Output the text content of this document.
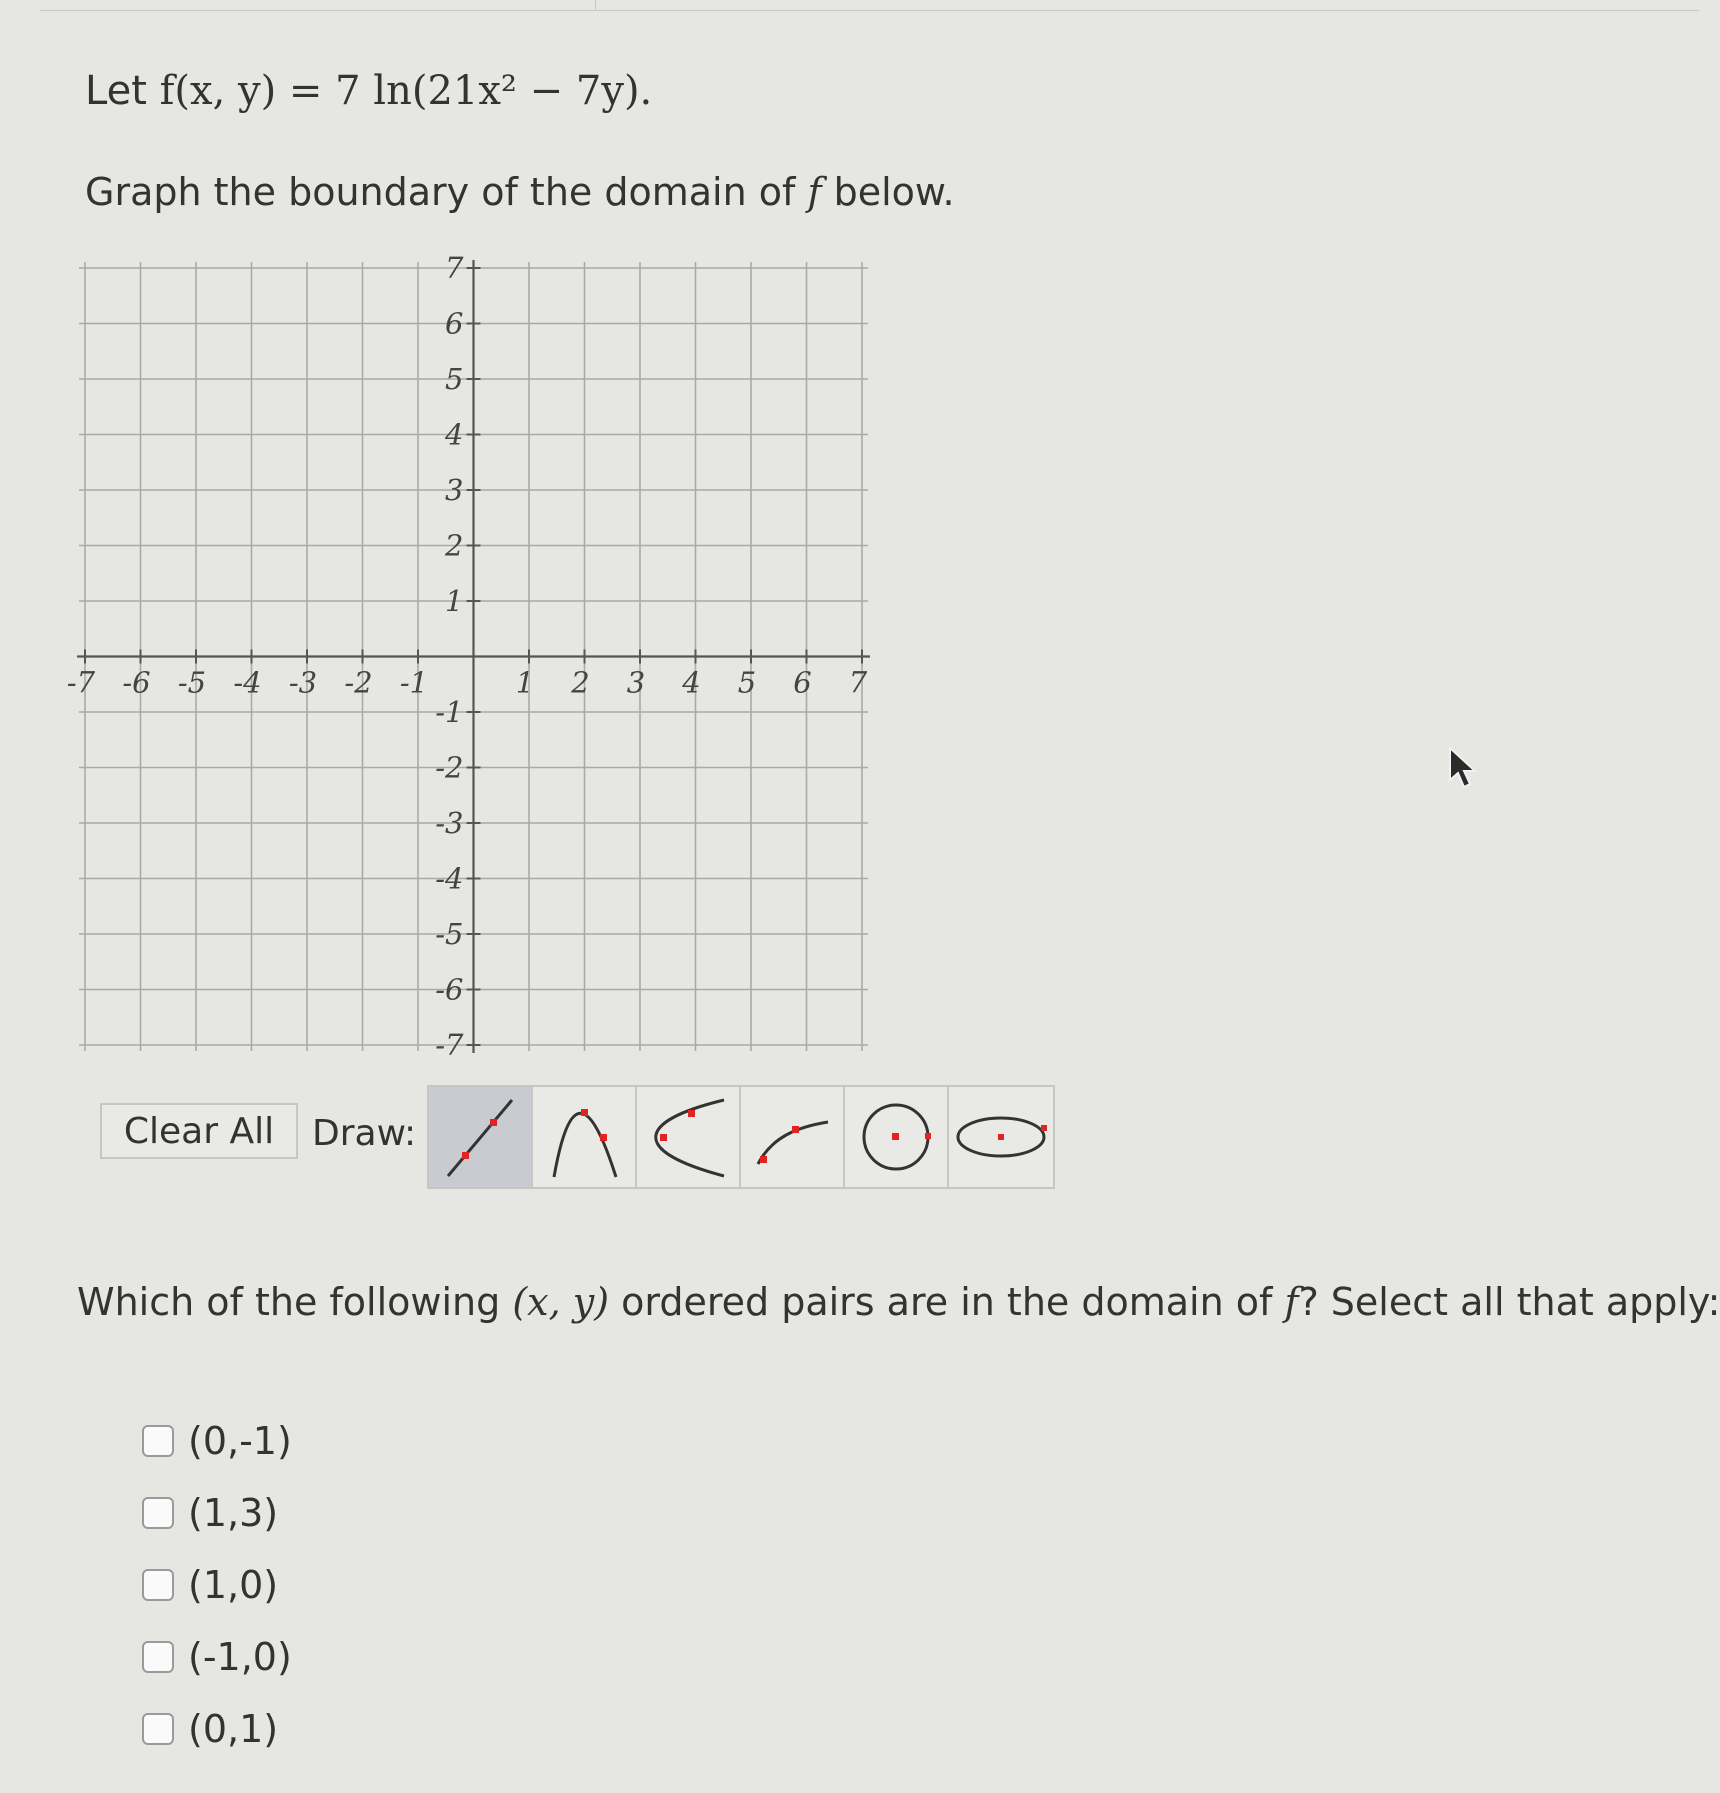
Let f(x, y) = 7 ln(21x² − 7y).
Graph the boundary of the domain of f below.
-7 -6 -5 -4 -3 -2 -1	1 2 3 4 5 6 7
7
6
5
4
3
2
1
-1
-2
-3
-4
-5
-6
-7
Clear All	Draw:
Which of the following (x, y) ordered pairs are in the domain of f? Select all that apply:
(0,-1)
(1,3)
(1,0)
(-1,0)
(0,1)
